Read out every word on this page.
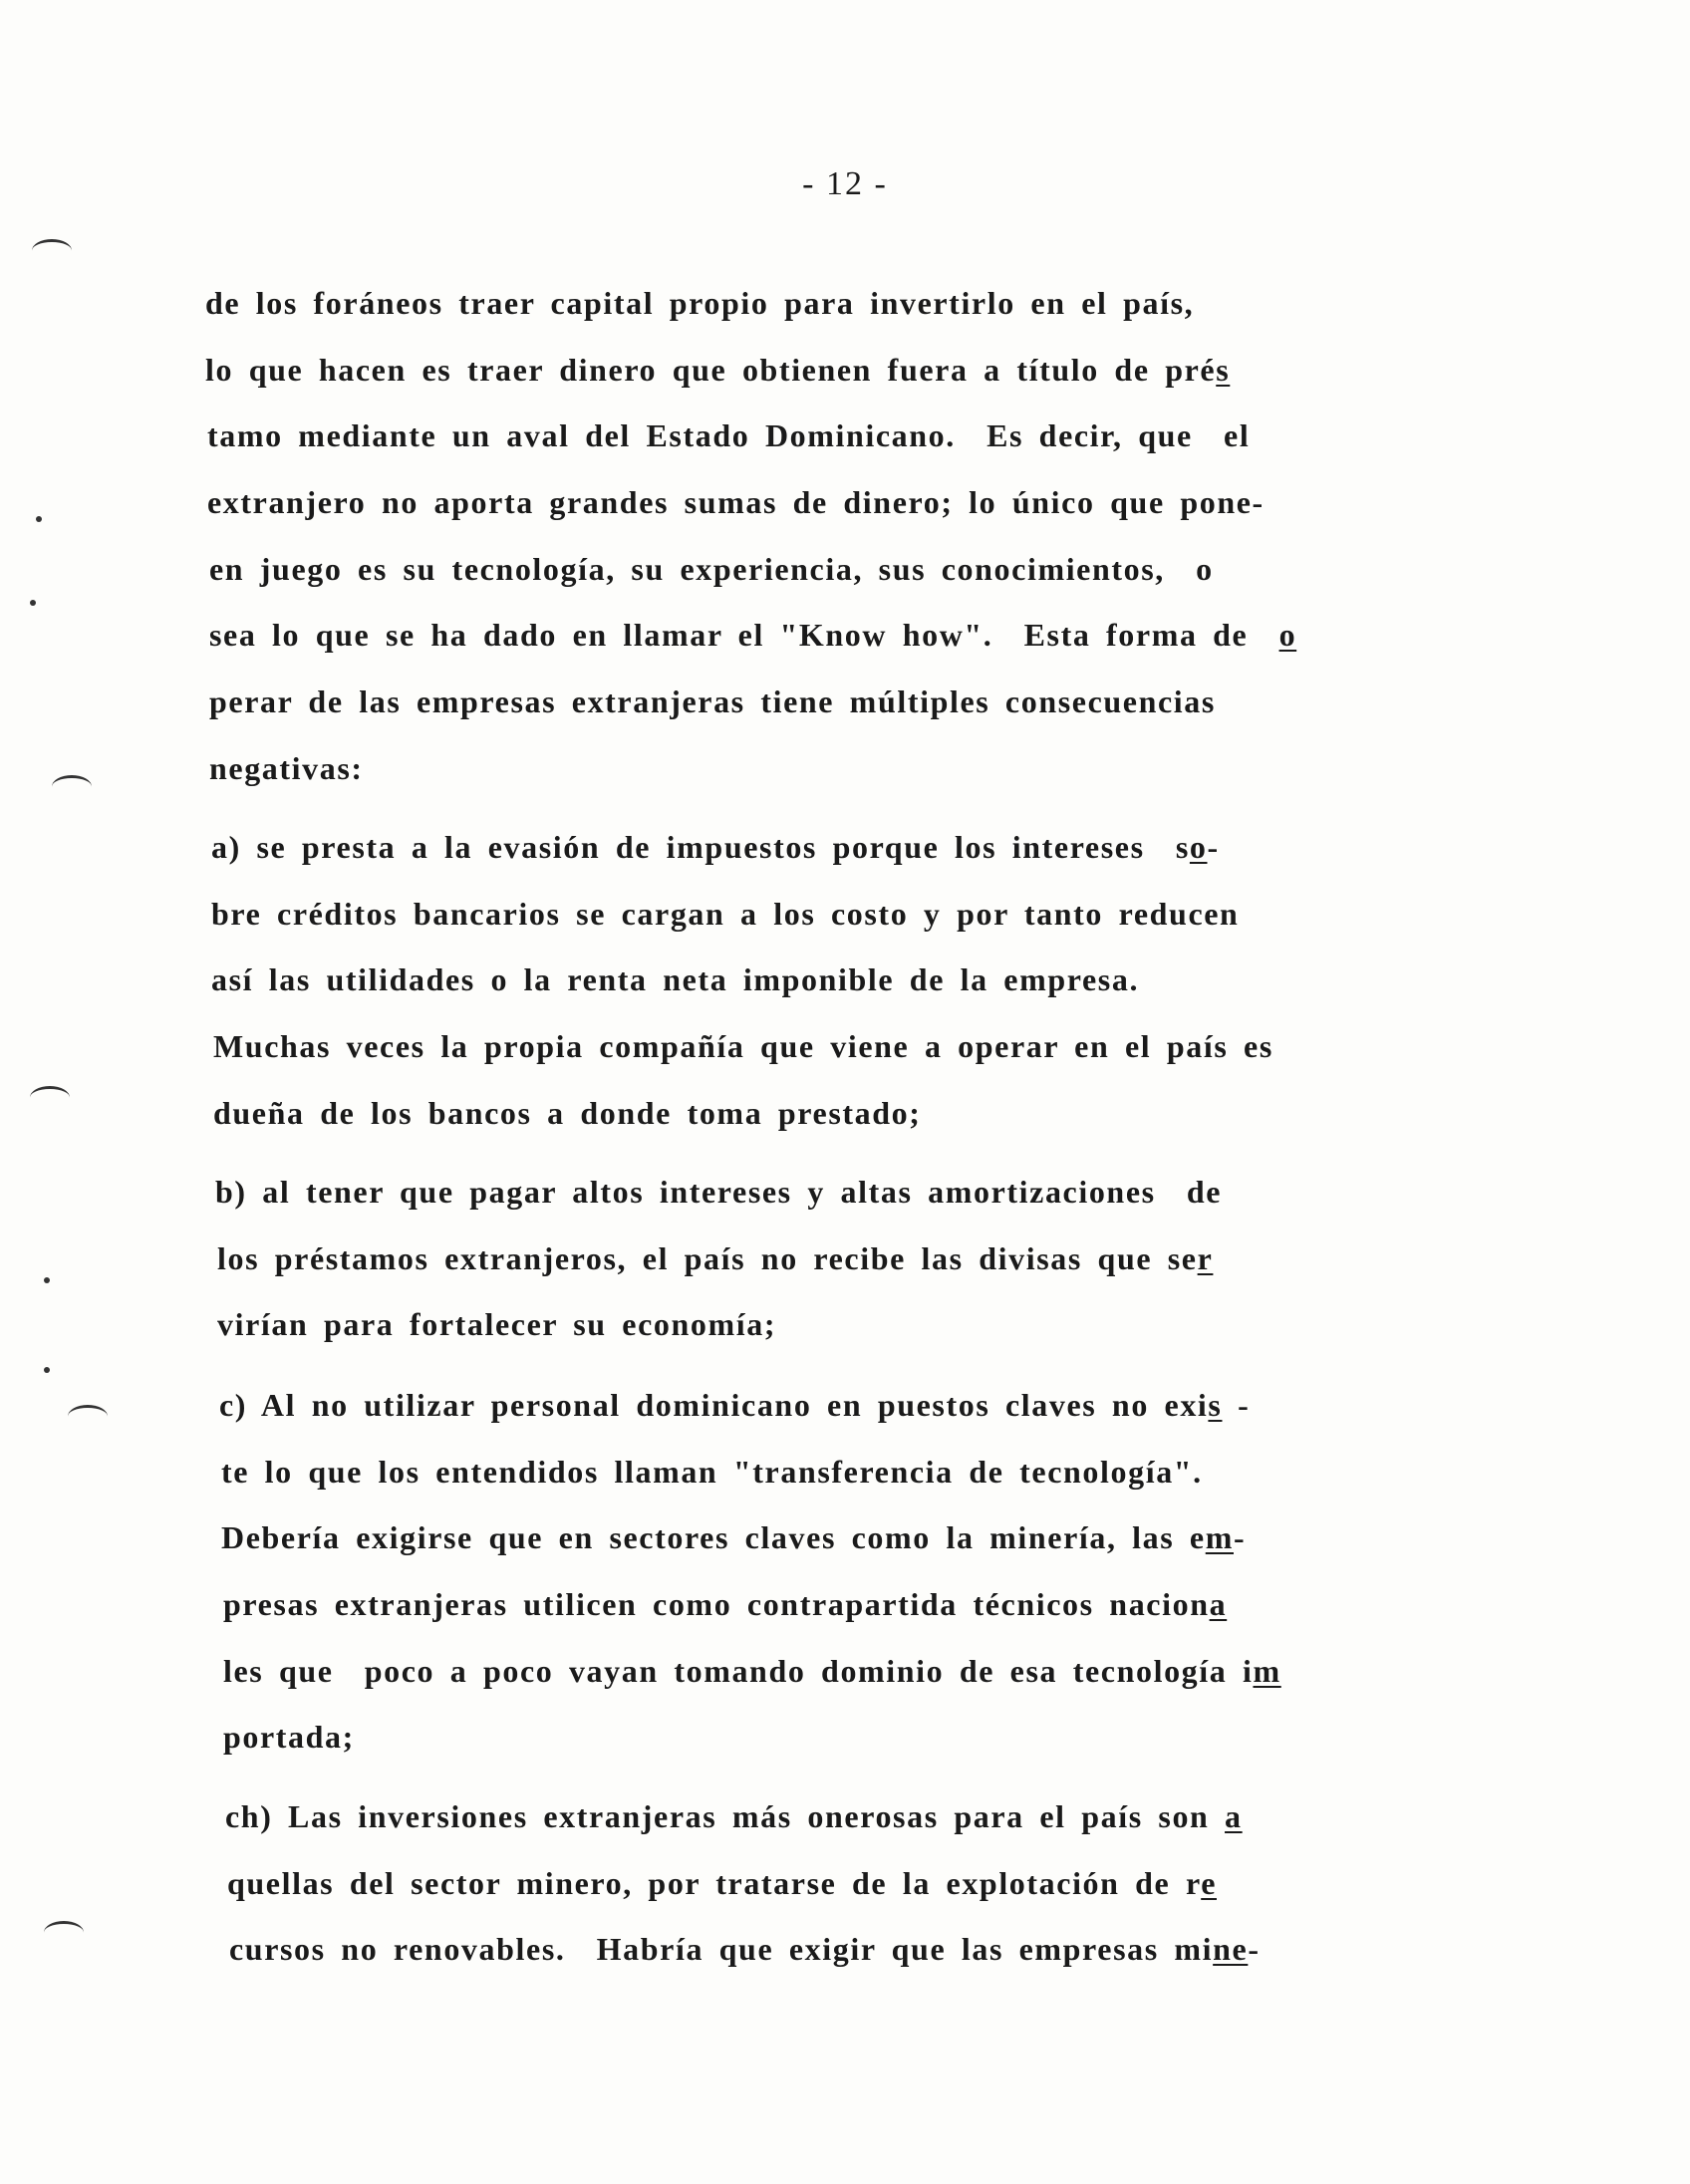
- 12 -
de los foráneos traer capital propio para invertirlo en el país,
lo que hacen es traer dinero que obtienen fuera a título de prés
tamo mediante un aval del Estado Dominicano.  Es decir, que  el
extranjero no aporta grandes sumas de dinero; lo único que pone-
en juego es su tecnología, su experiencia, sus conocimientos,  o
sea lo que se ha dado en llamar el "Know how".  Esta forma de  o
perar de las empresas extranjeras tiene múltiples consecuencias
negativas:
a) se presta a la evasión de impuestos porque los intereses  so-
bre créditos bancarios se cargan a los costo y por tanto reducen
así las utilidades o la renta neta imponible de la empresa.
Muchas veces la propia compañía que viene a operar en el país es
dueña de los bancos a donde toma prestado;
b) al tener que pagar altos intereses y altas amortizaciones  de
los préstamos extranjeros, el país no recibe las divisas que ser
virían para fortalecer su economía;
c) Al no utilizar personal dominicano en puestos claves no exis -
te lo que los entendidos llaman "transferencia de tecnología".
Debería exigirse que en sectores claves como la minería, las em-
presas extranjeras utilicen como contrapartida técnicos naciona
les que  poco a poco vayan tomando dominio de esa tecnología im
portada;
ch) Las inversiones extranjeras más onerosas para el país son a
quellas del sector minero, por tratarse de la explotación de re
cursos no renovables.  Habría que exigir que las empresas mine-
